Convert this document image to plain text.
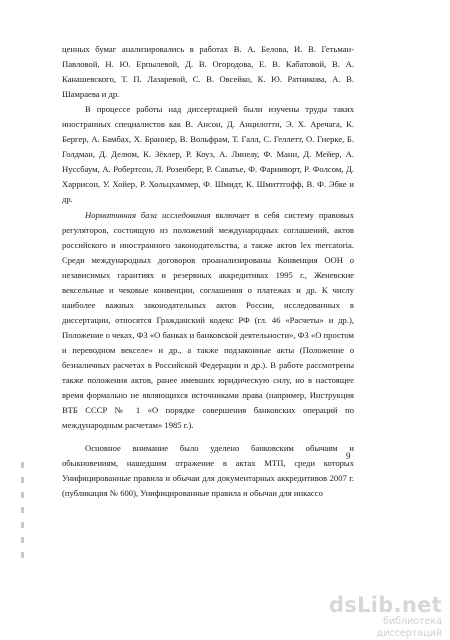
ценных бумаг анализировались в работах В. А. Белова, И. В. Гетьман-Павловой, Н. Ю. Ерпылевой, Д. В. Огородова, Е. В. Кабатовой, В. А. Канашевского, Т. П. Лазаревой, С. В. Овсейко, К. Ю. Ратникова, А. В. Шамраева и др.

В процессе работы над диссертацией были изучены труды таких иностранных специалистов как В. Ансон, Д. Анцилотти, Э. Х. Аречага, К. Бергер, А. Бамбах, Х. Браннер, В. Вольфрам, Т. Галл, С. Геллетт, О. Гнерке, Б. Голдман, Д. Делюм, К. Зёклер, Р. Коуз, А. Линеау, Ф. Манн, Д. Мейер, А. Нуссбаум, А. Робертсон, Л. Розенберг, Р. Саватье, Ф. Фарниворт, Р. Фолсом, Д. Харрисон, У. Хойер, Р. Хольцхаммер, Ф. Шмидт, К. Шмиттгофф, В. Ф. Эбке и др.

Нормативная база исследования включает в себя систему правовых регуляторов, состоящую из положений международных соглашений, актов российского и иностранного законодательства, а также актов lex mercatoria. Среди международных договоров проанализированы Конвенция ООН о независимых гарантиях и резервных аккредитивах 1995 г., Женевские вексельные и чековые конвенции, соглашения о платежах и др. К числу наиболее важных законодательных актов России, исследованных в диссертации, относятся Гражданский кодекс РФ (гл. 46 «Расчеты» и др.), Положение о чеках, ФЗ «О банках и банковской деятельности», ФЗ «О простом и переводном векселе» и др., а также подзаконные акты (Положение о безналичных расчетах в Российской Федерации и др.). В работе рассмотрены также положения актов, ранее имевших юридическую силу, но в настоящее время формально не являющихся источниками права (например, Инструкция ВТБ СССР № 1 «О порядке совершения банковских операций по международным расчетам» 1985 г.).

Основное внимание было уделено банковским обычаям и обыкновениям, нашедшим отражение в актах МТП, среди которых Унифицированные правила и обычаи для документарных аккредитивов 2007 г. (публикация № 600), Унифицированные правила и обычаи для инкассо

9
dsLib.net
библиотека диссертаций
